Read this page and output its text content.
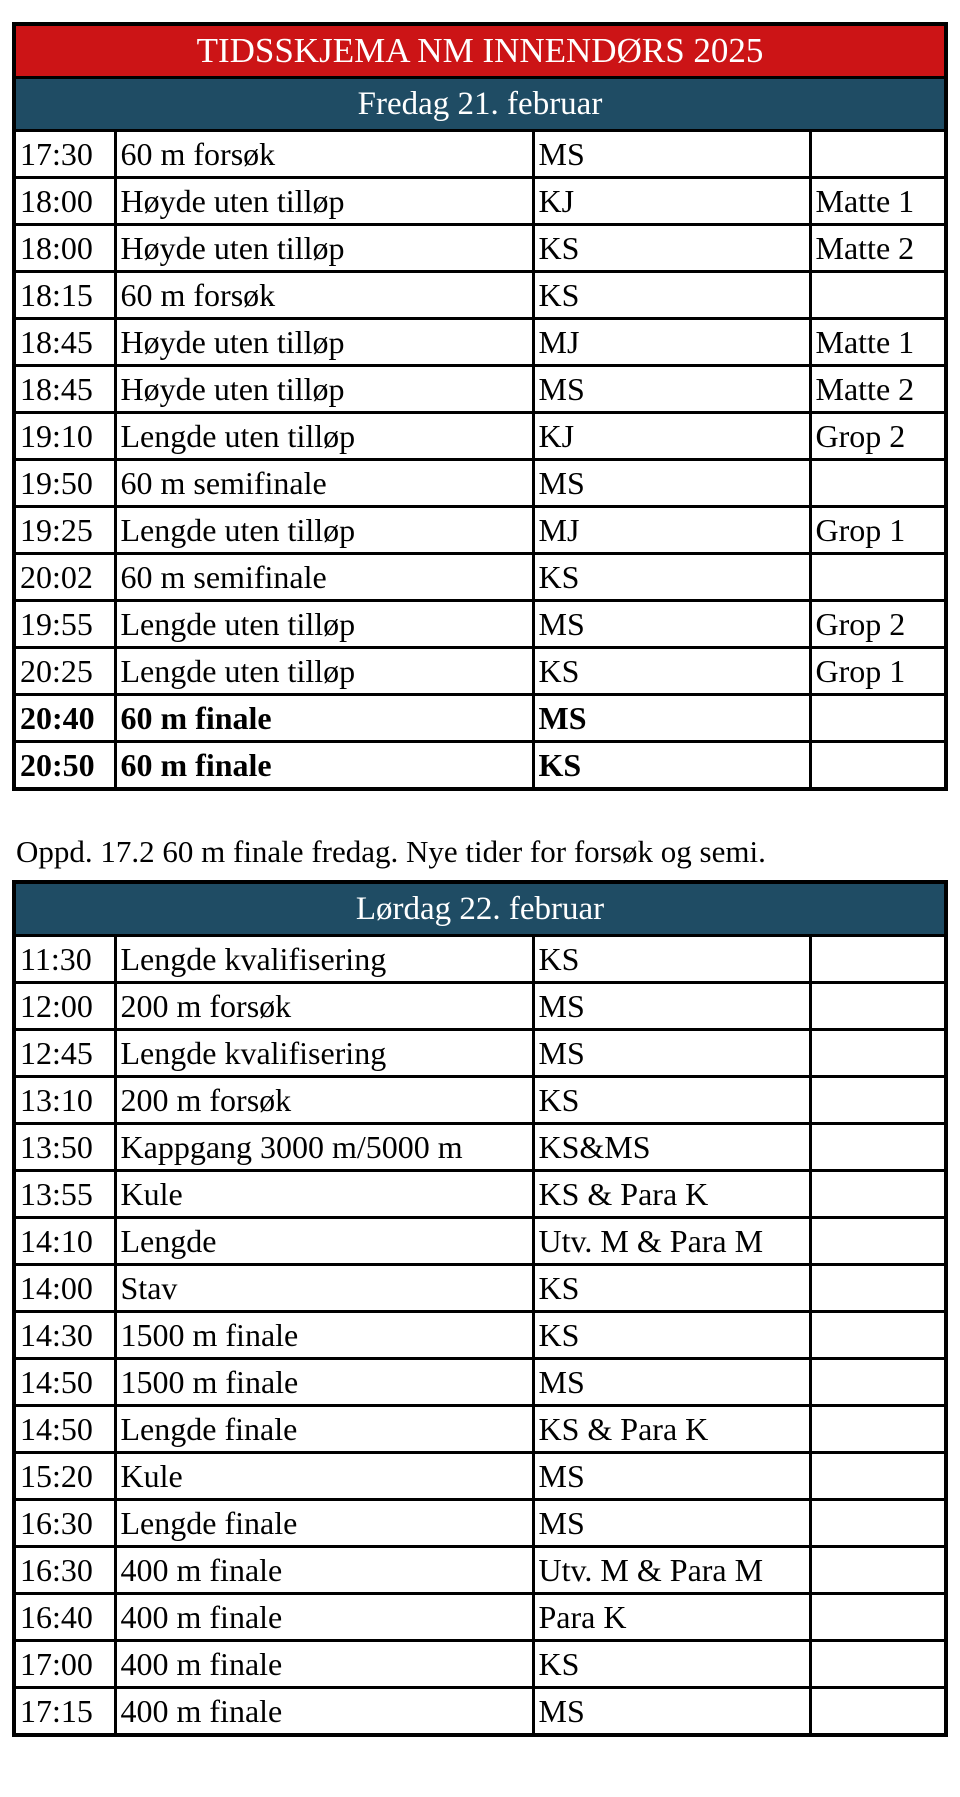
TIDSSKJEMA NM INNENDØRS 2025
Fredag 21. februar
17:30	60 m forsøk	MS	
18:00	Høyde uten tilløp	KJ	Matte 1
18:00	Høyde uten tilløp	KS	Matte 2
18:15	60 m forsøk	KS	
18:45	Høyde uten tilløp	MJ	Matte 1
18:45	Høyde uten tilløp	MS	Matte 2
19:10	Lengde uten tilløp	KJ	Grop 2
19:50	60 m semifinale	MS	
19:25	Lengde uten tilløp	MJ	Grop 1
20:02	60 m semifinale	KS	
19:55	Lengde uten tilløp	MS	Grop 2
20:25	Lengde uten tilløp	KS	Grop 1
20:40	60 m finale	MS	
20:50	60 m finale	KS	
Oppd. 17.2 60 m finale fredag. Nye tider for forsøk og semi.
Lørdag 22. februar
11:30	Lengde kvalifisering	KS	
12:00	200 m forsøk	MS	
12:45	Lengde kvalifisering	MS	
13:10	200 m forsøk	KS	
13:50	Kappgang 3000 m/5000 m	KS&MS	
13:55	Kule	KS & Para K	
14:10	Lengde	Utv. M & Para M	
14:00	Stav	KS	
14:30	1500 m finale	KS	
14:50	1500 m finale	MS	
14:50	Lengde finale	KS & Para K	
15:20	Kule	MS	
16:30	Lengde finale	MS	
16:30	400 m finale	Utv. M & Para M	
16:40	400 m finale	Para K	
17:00	400 m finale	KS	
17:15	400 m finale	MS	
